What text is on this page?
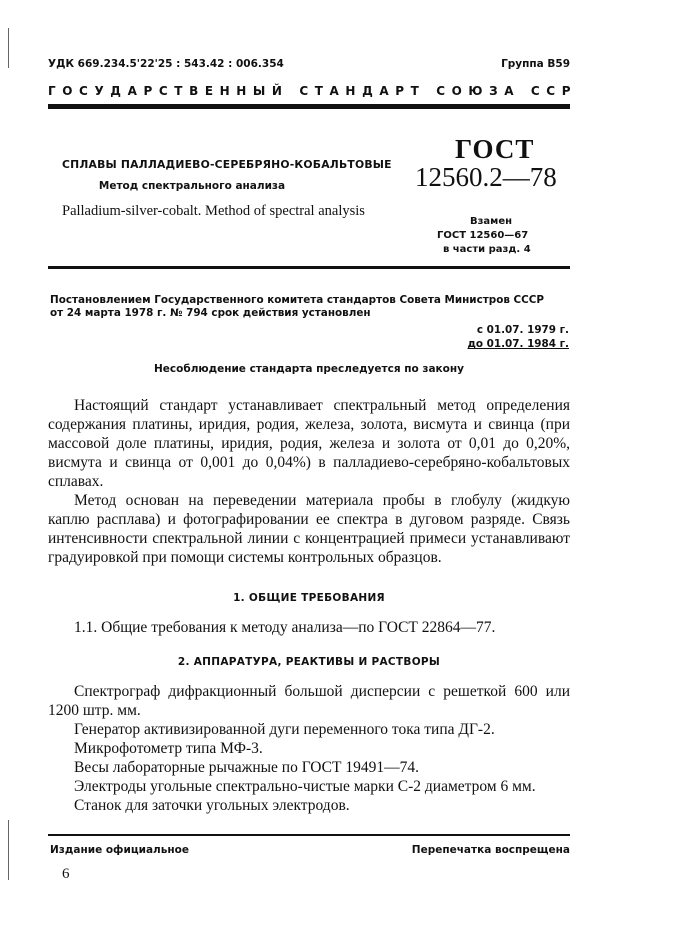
УДК 669.234.5'22'25 : 543.42 : 006.354	Группа В59
ГОСУДАРСТВЕННЫЙ СТАНДАРТ СОЮЗА ССР
СПЛАВЫ ПАЛЛАДИЕВО-СЕРЕБРЯНО-КОБАЛЬТОВЫЕ
Метод спектрального анализа
Palladium-silver-cobalt. Method of spectral analysis
ГОСТ
12560.2—78
Взамен
ГОСТ 12560—67
в части разд. 4
Постановлением Государственного комитета стандартов Совета Министров СССР
от 24 марта 1978 г. № 794 срок действия установлен
с 01.07. 1979 г.
до 01.07. 1984 г.
Несоблюдение стандарта преследуется по закону

Настоящий стандарт устанавливает спектральный метод определения содержания платины, иридия, родия, железа, золота, висмута и свинца (при массовой доле платины, иридия, родия, железа и золота от 0,01 до 0,20%, висмута и свинца от 0,001 до 0,04%) в палладиево-серебряно-кобальтовых сплавах.

Метод основан на переведении материала пробы в глобулу (жидкую каплю расплава) и фотографировании ее спектра в дуговом разряде. Связь интенсивности спектральной линии с концентрацией примеси устанавливают градуировкой при помощи системы контрольных образцов.

1. ОБЩИЕ ТРЕБОВАНИЯ
1.1. Общие требования к методу анализа—по ГОСТ 22864—77.
2. АППАРАТУРА, РЕАКТИВЫ И РАСТВОРЫ

Спектрограф дифракционный большой дисперсии с решеткой 600 или 1200 штр. мм.

Генератор активизированной дуги переменного тока типа ДГ-2.

Микрофотометр типа МФ-3.

Весы лабораторные рычажные по ГОСТ 19491—74.

Электроды угольные спектрально-чистые марки С-2 диаметром 6 мм.

Станок для заточки угольных электродов.

Издание официальное	Перепечатка воспрещена
6
